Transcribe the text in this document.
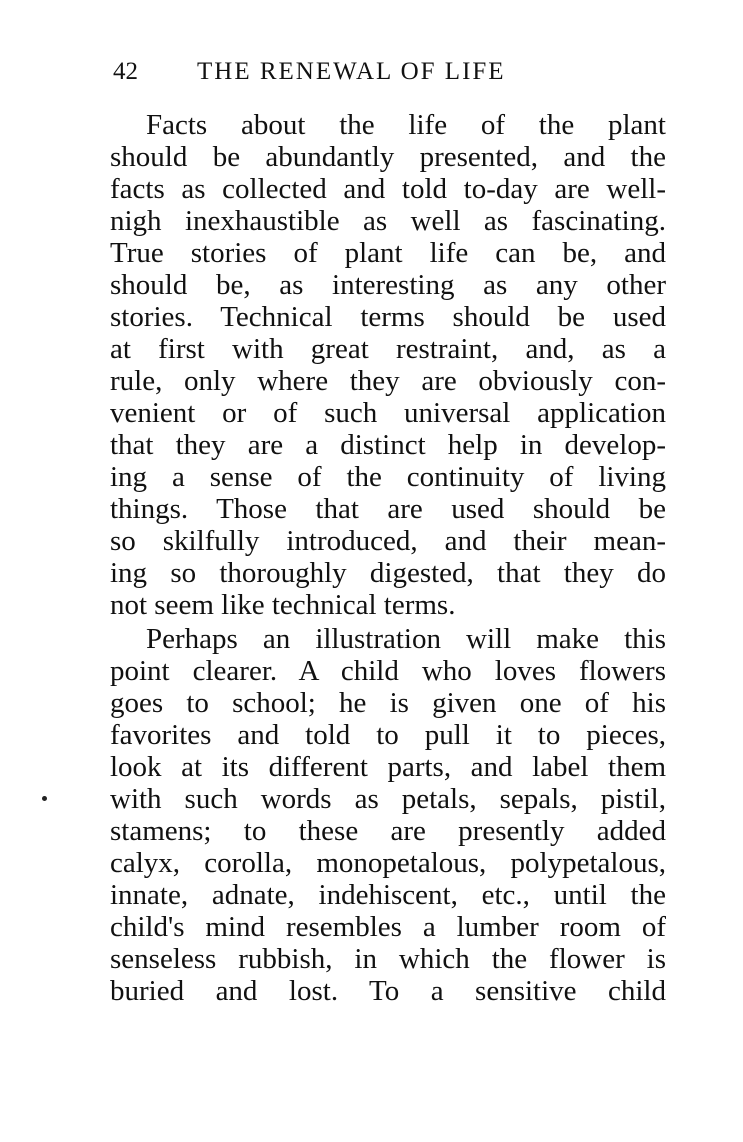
42 THE RENEWAL OF LIFE
Facts about the life of the plant
should be abundantly presented, and the
facts as collected and told to-day are well-
nigh inexhaustible as well as fascinating.
True stories of plant life can be, and
should be, as interesting as any other
stories. Technical terms should be used
at first with great restraint, and, as a
rule, only where they are obviously con-
venient or of such universal application
that they are a distinct help in develop-
ing a sense of the continuity of living
things. Those that are used should be
so skilfully introduced, and their mean-
ing so thoroughly digested, that they do
not seem like technical terms.
Perhaps an illustration will make this
point clearer. A child who loves flowers
goes to school; he is given one of his
favorites and told to pull it to pieces,
look at its different parts, and label them
with such words as petals, sepals, pistil,
stamens; to these are presently added
calyx, corolla, monopetalous, polypetalous,
innate, adnate, indehiscent, etc., until the
child's mind resembles a lumber room of
senseless rubbish, in which the flower is
buried and lost. To a sensitive child
